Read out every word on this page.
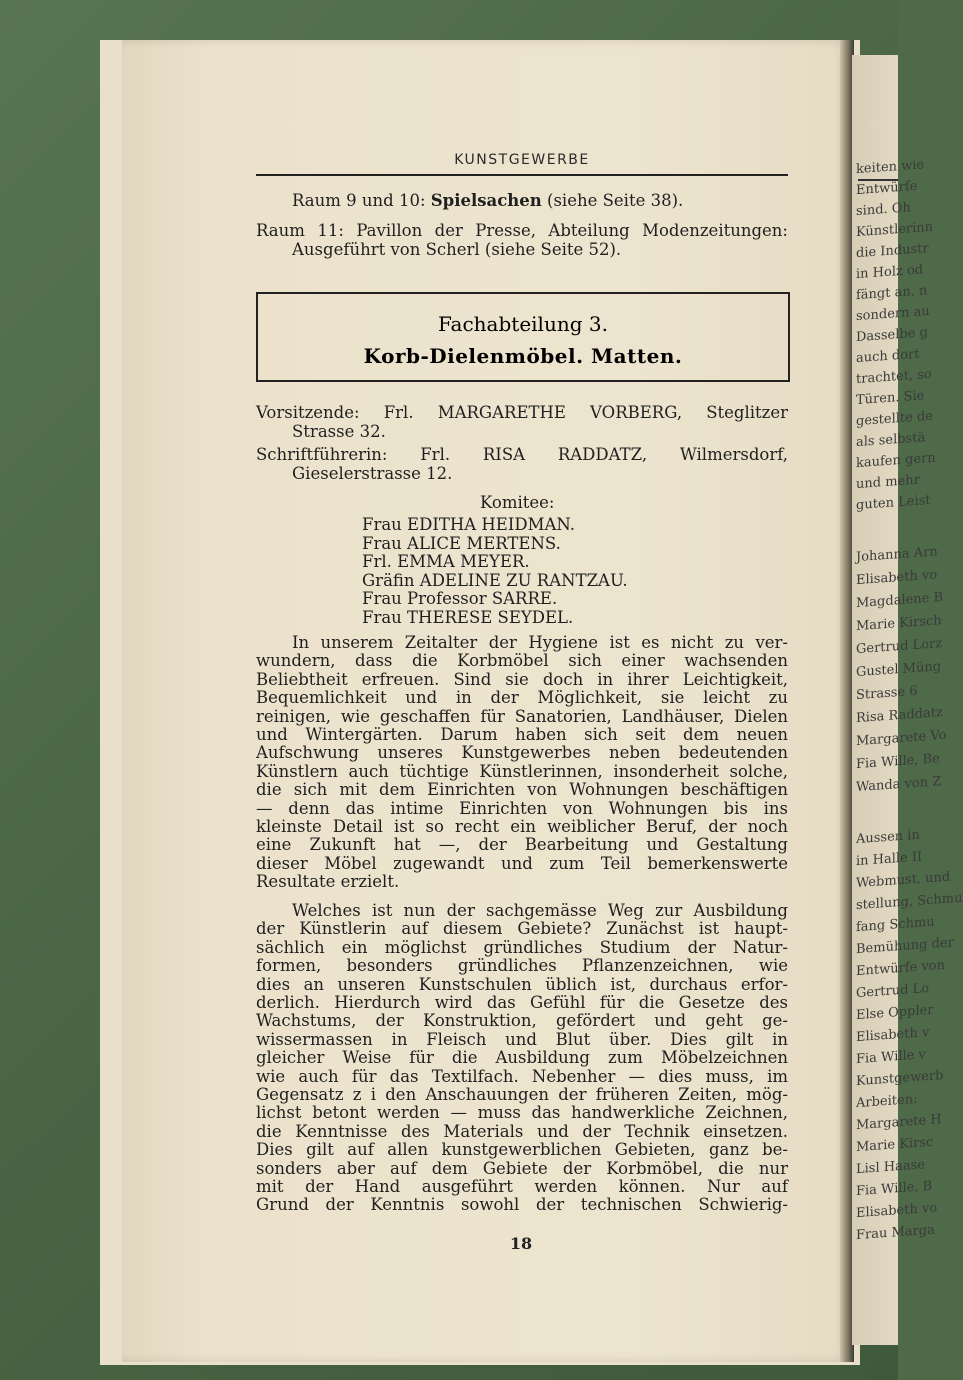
keiten wie
Entwürfe
sind. Oh
Künstlerinn
die Industr
in Holz od
fängt an, n
sondern au
Dasselbe g
auch dort
trachtet, so
Türen. Sie
gestellte de
als selbstä
kaufen gern
und mehr
guten Leist
Johanna Arn
Elisabeth vo
Magdalene B
Marie Kirsch
Gertrud Lorz
Gustel Müng
Strasse 6
Risa Raddatz
Margarete Vo
Fia Wille, Be
Wanda von Z
Aussen in
in Halle II
Webmust, und
stellung, Schmu
fang Schmu
Bemühung der
Entwürfe von
Gertrud Lo
Else Oppler
Elisabeth v
Fia Wille v
Kunstgewerb
Arbeiten:
Margarete H
Marie Kirsc
Lisl Haase
Fia Wille, B
Elisabeth vo
Frau Marga
KUNSTGEWERBE
Raum 9 und 10: Spielsachen (siehe Seite 38).
Raum 11: Pavillon der Presse, Abteilung Modenzeitungen:
Ausgeführt von Scherl (siehe Seite 52).
Fachabteilung 3.
Korb-Dielenmöbel. Matten.
Vorsitzende: Frl. MARGARETHE VORBERG, Steglitzer
Strasse 32.
Schriftführerin: Frl. RISA RADDATZ, Wilmersdorf,
Gieselerstrasse 12.
Komitee:
Frau EDITHA HEIDMAN.
Frau ALICE MERTENS.
Frl. EMMA MEYER.
Gräfin ADELINE ZU RANTZAU.
Frau Professor SARRE.
Frau THERESE SEYDEL.
In unserem Zeitalter der Hygiene ist es nicht zu ver-
wundern, dass die Korbmöbel sich einer wachsenden
Beliebtheit erfreuen. Sind sie doch in ihrer Leichtigkeit,
Bequemlichkeit und in der Möglichkeit, sie leicht zu
reinigen, wie geschaffen für Sanatorien, Landhäuser, Dielen
und Wintergärten. Darum haben sich seit dem neuen
Aufschwung unseres Kunstgewerbes neben bedeutenden
Künstlern auch tüchtige Künstlerinnen, insonderheit solche,
die sich mit dem Einrichten von Wohnungen beschäftigen
— denn das intime Einrichten von Wohnungen bis ins
kleinste Detail ist so recht ein weiblicher Beruf, der noch
eine Zukunft hat —, der Bearbeitung und Gestaltung
dieser Möbel zugewandt und zum Teil bemerkenswerte
Resultate erzielt.
Welches ist nun der sachgemässe Weg zur Ausbildung
der Künstlerin auf diesem Gebiete? Zunächst ist haupt-
sächlich ein möglichst gründliches Studium der Natur-
formen, besonders gründliches Pflanzenzeichnen, wie
dies an unseren Kunstschulen üblich ist, durchaus erfor-
derlich. Hierdurch wird das Gefühl für die Gesetze des
Wachstums, der Konstruktion, gefördert und geht ge-
wissermassen in Fleisch und Blut über. Dies gilt in
gleicher Weise für die Ausbildung zum Möbelzeichnen
wie auch für das Textilfach. Nebenher — dies muss, im
Gegensatz z i den Anschauungen der früheren Zeiten, mög-
lichst betont werden — muss das handwerkliche Zeichnen,
die Kenntnisse des Materials und der Technik einsetzen.
Dies gilt auf allen kunstgewerblichen Gebieten, ganz be-
sonders aber auf dem Gebiete der Korbmöbel, die nur
mit der Hand ausgeführt werden können. Nur auf
Grund der Kenntnis sowohl der technischen Schwierig-
18
